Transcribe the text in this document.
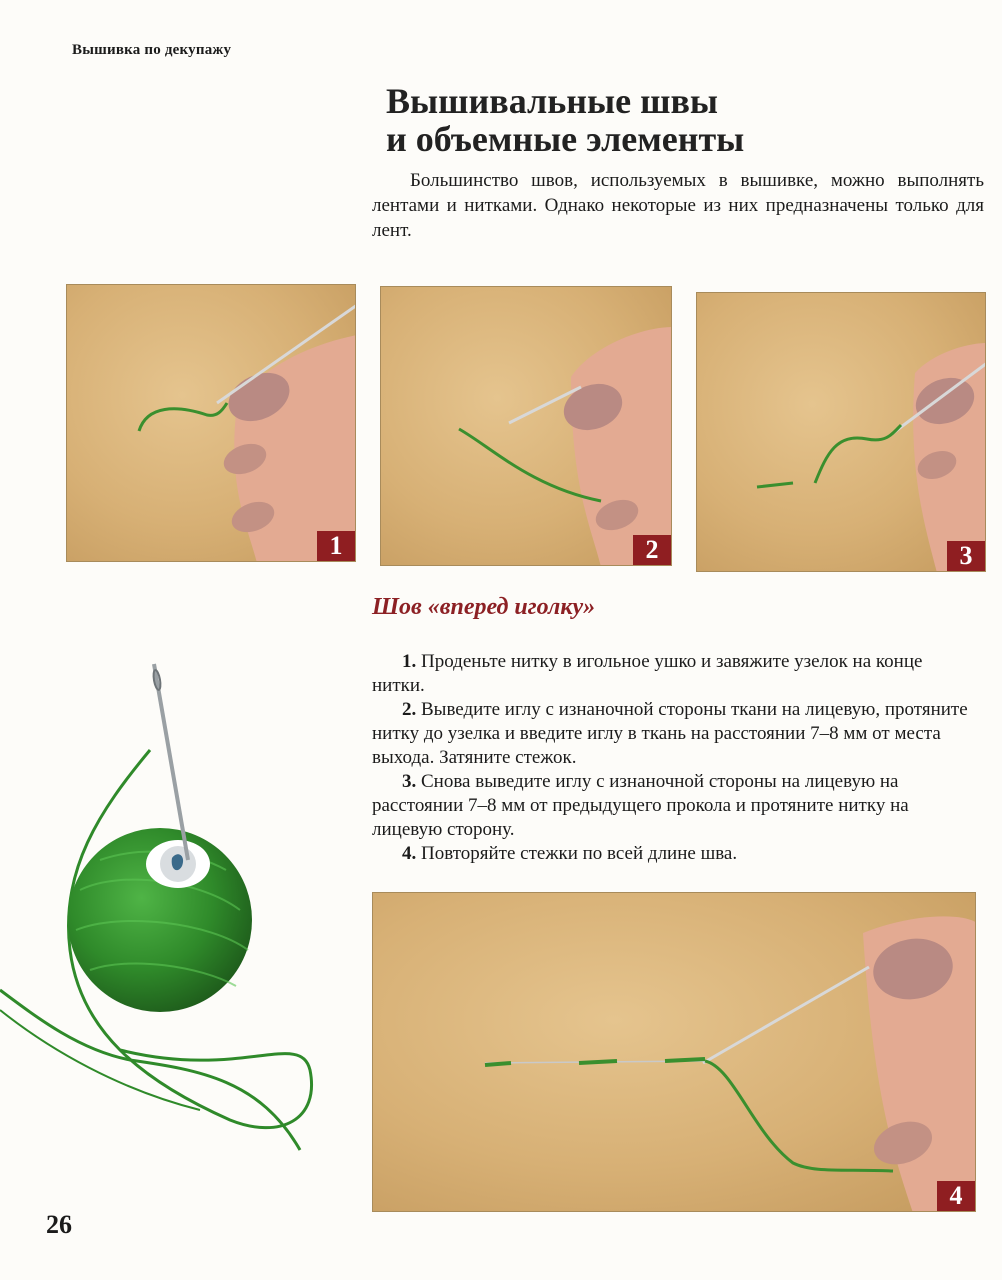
Вышивка по декупажу
Вышивальные швы
и объемные элементы

Большинство швов, используемых в вышивке, можно выполнять лентами и нитками. Однако некоторые из них предназначены только для лент.

1	2	3
Шов «вперед иголку»

1. Проденьте нитку в игольное ушко и завяжите узелок на конце нитки.

2. Выведите иглу с изнаночной стороны ткани на лицевую, протяните нитку до узелка и введите иглу в ткань на расстоянии 7–8 мм от места выхода. Затяните стежок.

3. Снова выведите иглу с изнаночной стороны на лицевую на расстоянии 7–8 мм от предыдущего прокола и протяните нитку на лицевую сторону.

4. Повторяйте стежки по всей длине шва.

4
26
